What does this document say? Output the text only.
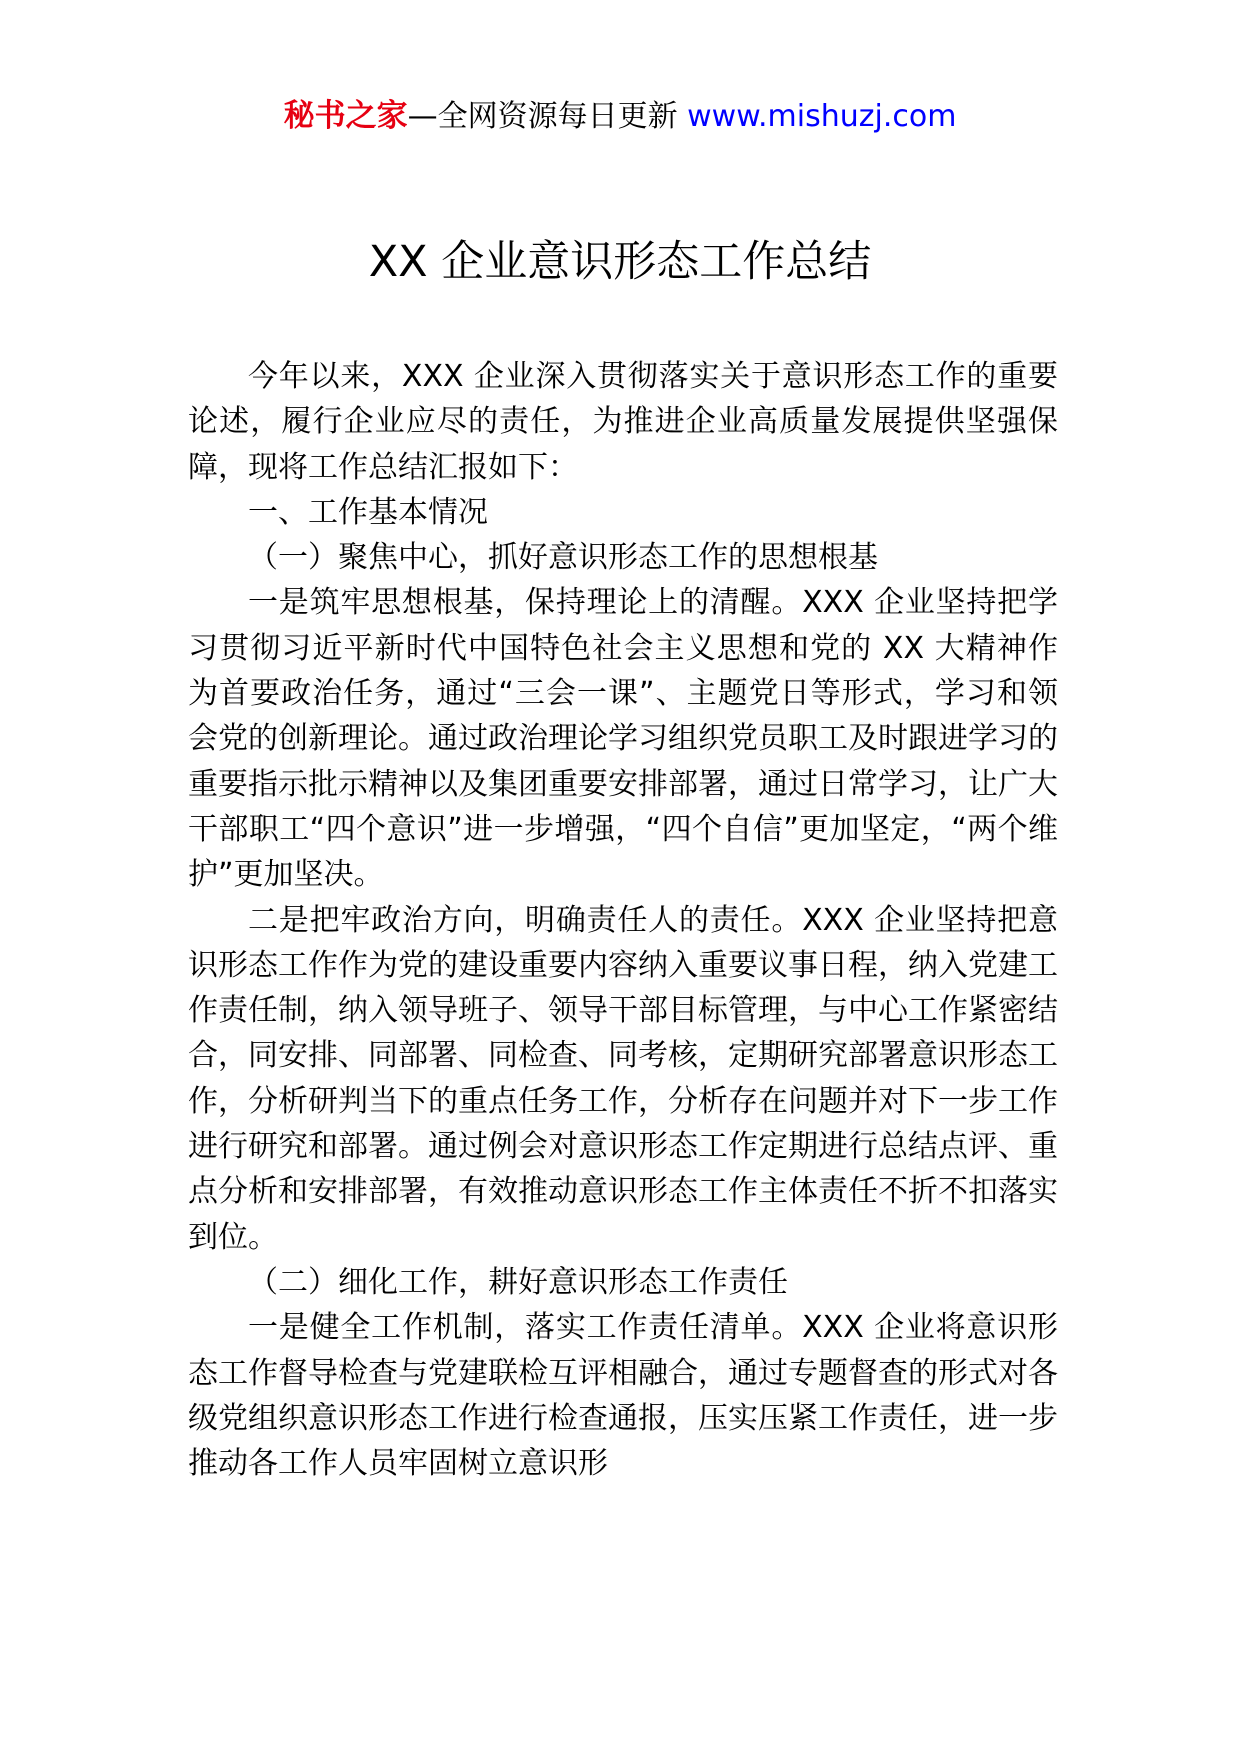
秘书之家—全网资源每日更新 www.mishuzj.com
XX 企业意识形态工作总结

今年以来，XXX 企业深入贯彻落实关于意识形态工作的重要论述，履行企业应尽的责任，为推进企业高质量发展提供坚强保障，现将工作总结汇报如下：

一、工作基本情况

（一）聚焦中心，抓好意识形态工作的思想根基

一是筑牢思想根基，保持理论上的清醒。XXX 企业坚持把学习贯彻习近平新时代中国特色社会主义思想和党的 XX 大精神作为首要政治任务，通过“三会一课”、主题党日等形式，学习和领会党的创新理论。通过政治理论学习组织党员职工及时跟进学习的重要指示批示精神以及集团重要安排部署，通过日常学习，让广大干部职工“四个意识”进一步增强，“四个自信”更加坚定，“两个维护”更加坚决。

二是把牢政治方向，明确责任人的责任。XXX 企业坚持把意识形态工作作为党的建设重要内容纳入重要议事日程，纳入党建工作责任制，纳入领导班子、领导干部目标管理，与中心工作紧密结合，同安排、同部署、同检查、同考核，定期研究部署意识形态工作，分析研判当下的重点任务工作，分析存在问题并对下一步工作进行研究和部署。通过例会对意识形态工作定期进行总结点评、重点分析和安排部署，有效推动意识形态工作主体责任不折不扣落实到位。

（二）细化工作，耕好意识形态工作责任

一是健全工作机制，落实工作责任清单。XXX 企业将意识形态工作督导检查与党建联检互评相融合，通过专题督查的形式对各级党组织意识形态工作进行检查通报，压实压紧工作责任，进一步推动各工作人员牢固树立意识形
